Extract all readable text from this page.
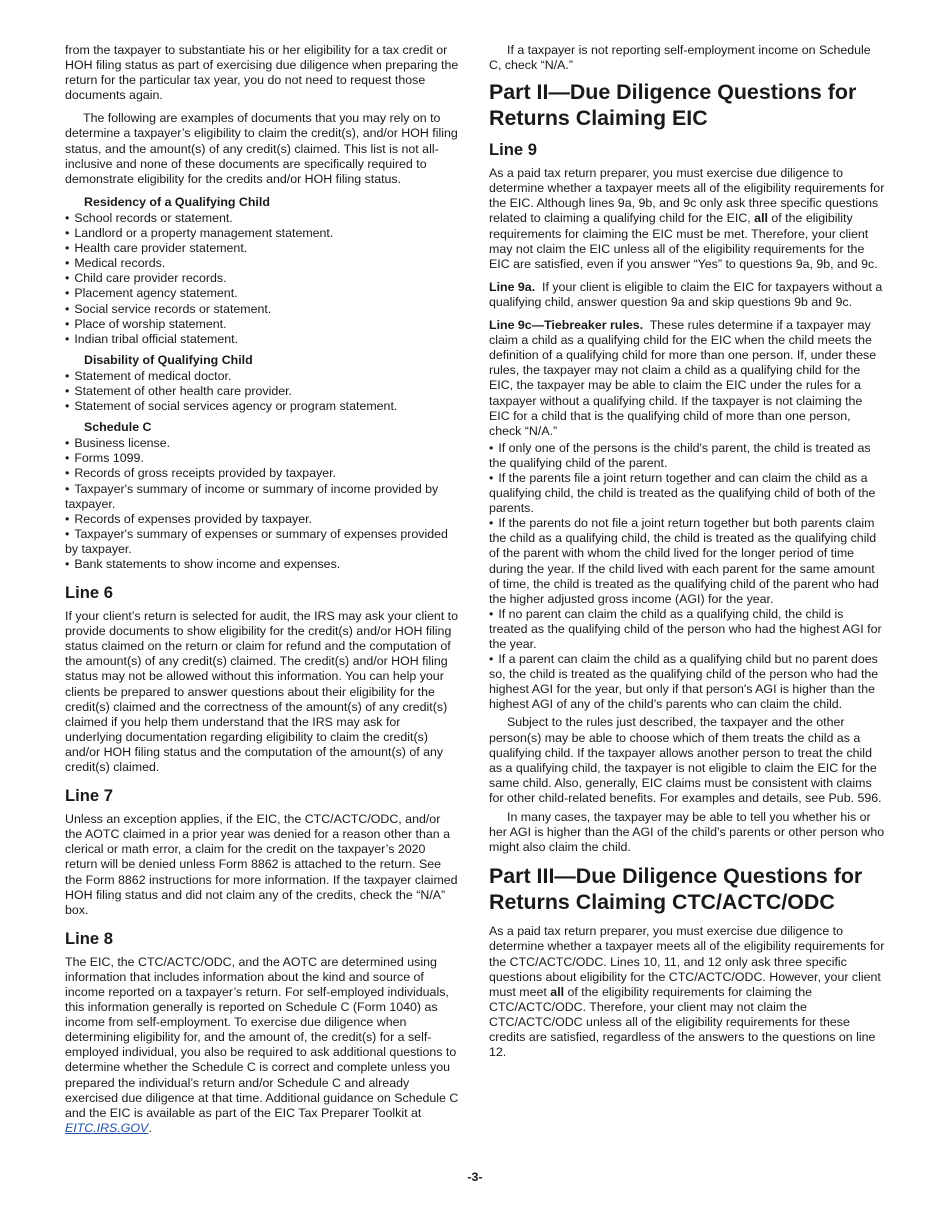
from the taxpayer to substantiate his or her eligibility for a tax credit or HOH filing status as part of exercising due diligence when preparing the return for the particular tax year, you do not need to request those documents again.

The following are examples of documents that you may rely on to determine a taxpayer’s eligibility to claim the credit(s), and/or HOH filing status, and the amount(s) of any credit(s) claimed. This list is not all-inclusive and none of these documents are specifically required to demonstrate eligibility for the credits and/or HOH filing status.

Residency of a Qualifying Child
• School records or statement.
• Landlord or a property management statement.
• Health care provider statement.
• Medical records.
• Child care provider records.
• Placement agency statement.
• Social service records or statement.
• Place of worship statement.
• Indian tribal official statement.
Disability of Qualifying Child
• Statement of medical doctor.
• Statement of other health care provider.
• Statement of social services agency or program statement.
Schedule C
• Business license.
• Forms 1099.
• Records of gross receipts provided by taxpayer.
• Taxpayer's summary of income or summary of income provided by taxpayer.
• Records of expenses provided by taxpayer.
• Taxpayer's summary of expenses or summary of expenses provided by taxpayer.
• Bank statements to show income and expenses.
Line 6

If your client’s return is selected for audit, the IRS may ask your client to provide documents to show eligibility for the credit(s) and/or HOH filing status claimed on the return or claim for refund and the computation of the amount(s) of any credit(s) claimed. The credit(s) and/or HOH filing status may not be allowed without this information. You can help your clients be prepared to answer questions about their eligibility for the credit(s) claimed and the correctness of the amount(s) of any credit(s) claimed if you help them understand that the IRS may ask for underlying documentation regarding eligibility to claim the credit(s) and/or HOH filing status and the computation of the amount(s) of any credit(s) claimed.

Line 7

Unless an exception applies, if the EIC, the CTC/ACTC/ODC, and/or the AOTC claimed in a prior year was denied for a reason other than a clerical or math error, a claim for the credit on the taxpayer’s 2020 return will be denied unless Form 8862 is attached to the return. See the Form 8862 instructions for more information. If the taxpayer claimed HOH filing status and did not claim any of the credits, check the “N/A” box.

Line 8

The EIC, the CTC/ACTC/ODC, and the AOTC are determined using information that includes information about the kind and source of income reported on a taxpayer’s return. For self-employed individuals, this information generally is reported on Schedule C (Form 1040) as income from self-employment. To exercise due diligence when determining eligibility for, and the amount of, the credit(s) for a self-employed individual, you also be required to ask additional questions to determine whether the Schedule C is correct and complete unless you prepared the individual’s return and/or Schedule C and already exercised due diligence at that time. Additional guidance on Schedule C and the EIC is available as part of the EIC Tax Preparer Toolkit at EITC.IRS.GOV.

If a taxpayer is not reporting self-employment income on Schedule C, check “N/A.”

Part II—Due Diligence Questions for Returns Claiming EIC
Line 9

As a paid tax return preparer, you must exercise due diligence to determine whether a taxpayer meets all of the eligibility requirements for the EIC. Although lines 9a, 9b, and 9c only ask three specific questions related to claiming a qualifying child for the EIC, all of the eligibility requirements for claiming the EIC must be met. Therefore, your client may not claim the EIC unless all of the eligibility requirements for the EIC are satisfied, even if you answer “Yes” to questions 9a, 9b, and 9c.

Line 9a. If your client is eligible to claim the EIC for taxpayers without a qualifying child, answer question 9a and skip questions 9b and 9c.

Line 9c—Tiebreaker rules. These rules determine if a taxpayer may claim a child as a qualifying child for the EIC when the child meets the definition of a qualifying child for more than one person. If, under these rules, the taxpayer may not claim a child as a qualifying child for the EIC, the taxpayer may be able to claim the EIC under the rules for a taxpayer without a qualifying child. If the taxpayer is not claiming the EIC for a child that is the qualifying child of more than one person, check “N/A.”

• If only one of the persons is the child's parent, the child is treated as the qualifying child of the parent.
• If the parents file a joint return together and can claim the child as a qualifying child, the child is treated as the qualifying child of both of the parents.
• If the parents do not file a joint return together but both parents claim the child as a qualifying child, the child is treated as the qualifying child of the parent with whom the child lived for the longer period of time during the year. If the child lived with each parent for the same amount of time, the child is treated as the qualifying child of the parent who had the higher adjusted gross income (AGI) for the year.
• If no parent can claim the child as a qualifying child, the child is treated as the qualifying child of the person who had the highest AGI for the year.
• If a parent can claim the child as a qualifying child but no parent does so, the child is treated as the qualifying child of the person who had the highest AGI for the year, but only if that person's AGI is higher than the highest AGI of any of the child’s parents who can claim the child.

Subject to the rules just described, the taxpayer and the other person(s) may be able to choose which of them treats the child as a qualifying child. If the taxpayer allows another person to treat the child as a qualifying child, the taxpayer is not eligible to claim the EIC for the same child. Also, generally, EIC claims must be consistent with claims for other child-related benefits. For examples and details, see Pub. 596.

In many cases, the taxpayer may be able to tell you whether his or her AGI is higher than the AGI of the child’s parents or other person who might also claim the child.

Part III—Due Diligence Questions for Returns Claiming CTC/ACTC/ODC

As a paid tax return preparer, you must exercise due diligence to determine whether a taxpayer meets all of the eligibility requirements for the CTC/ACTC/ODC. Lines 10, 11, and 12 only ask three specific questions about eligibility for the CTC/ACTC/ODC. However, your client must meet all of the eligibility requirements for claiming the CTC/ACTC/ODC. Therefore, your client may not claim the CTC/ACTC/ODC unless all of the eligibility requirements for these credits are satisfied, regardless of the answers to the questions on line 12.

-3-
